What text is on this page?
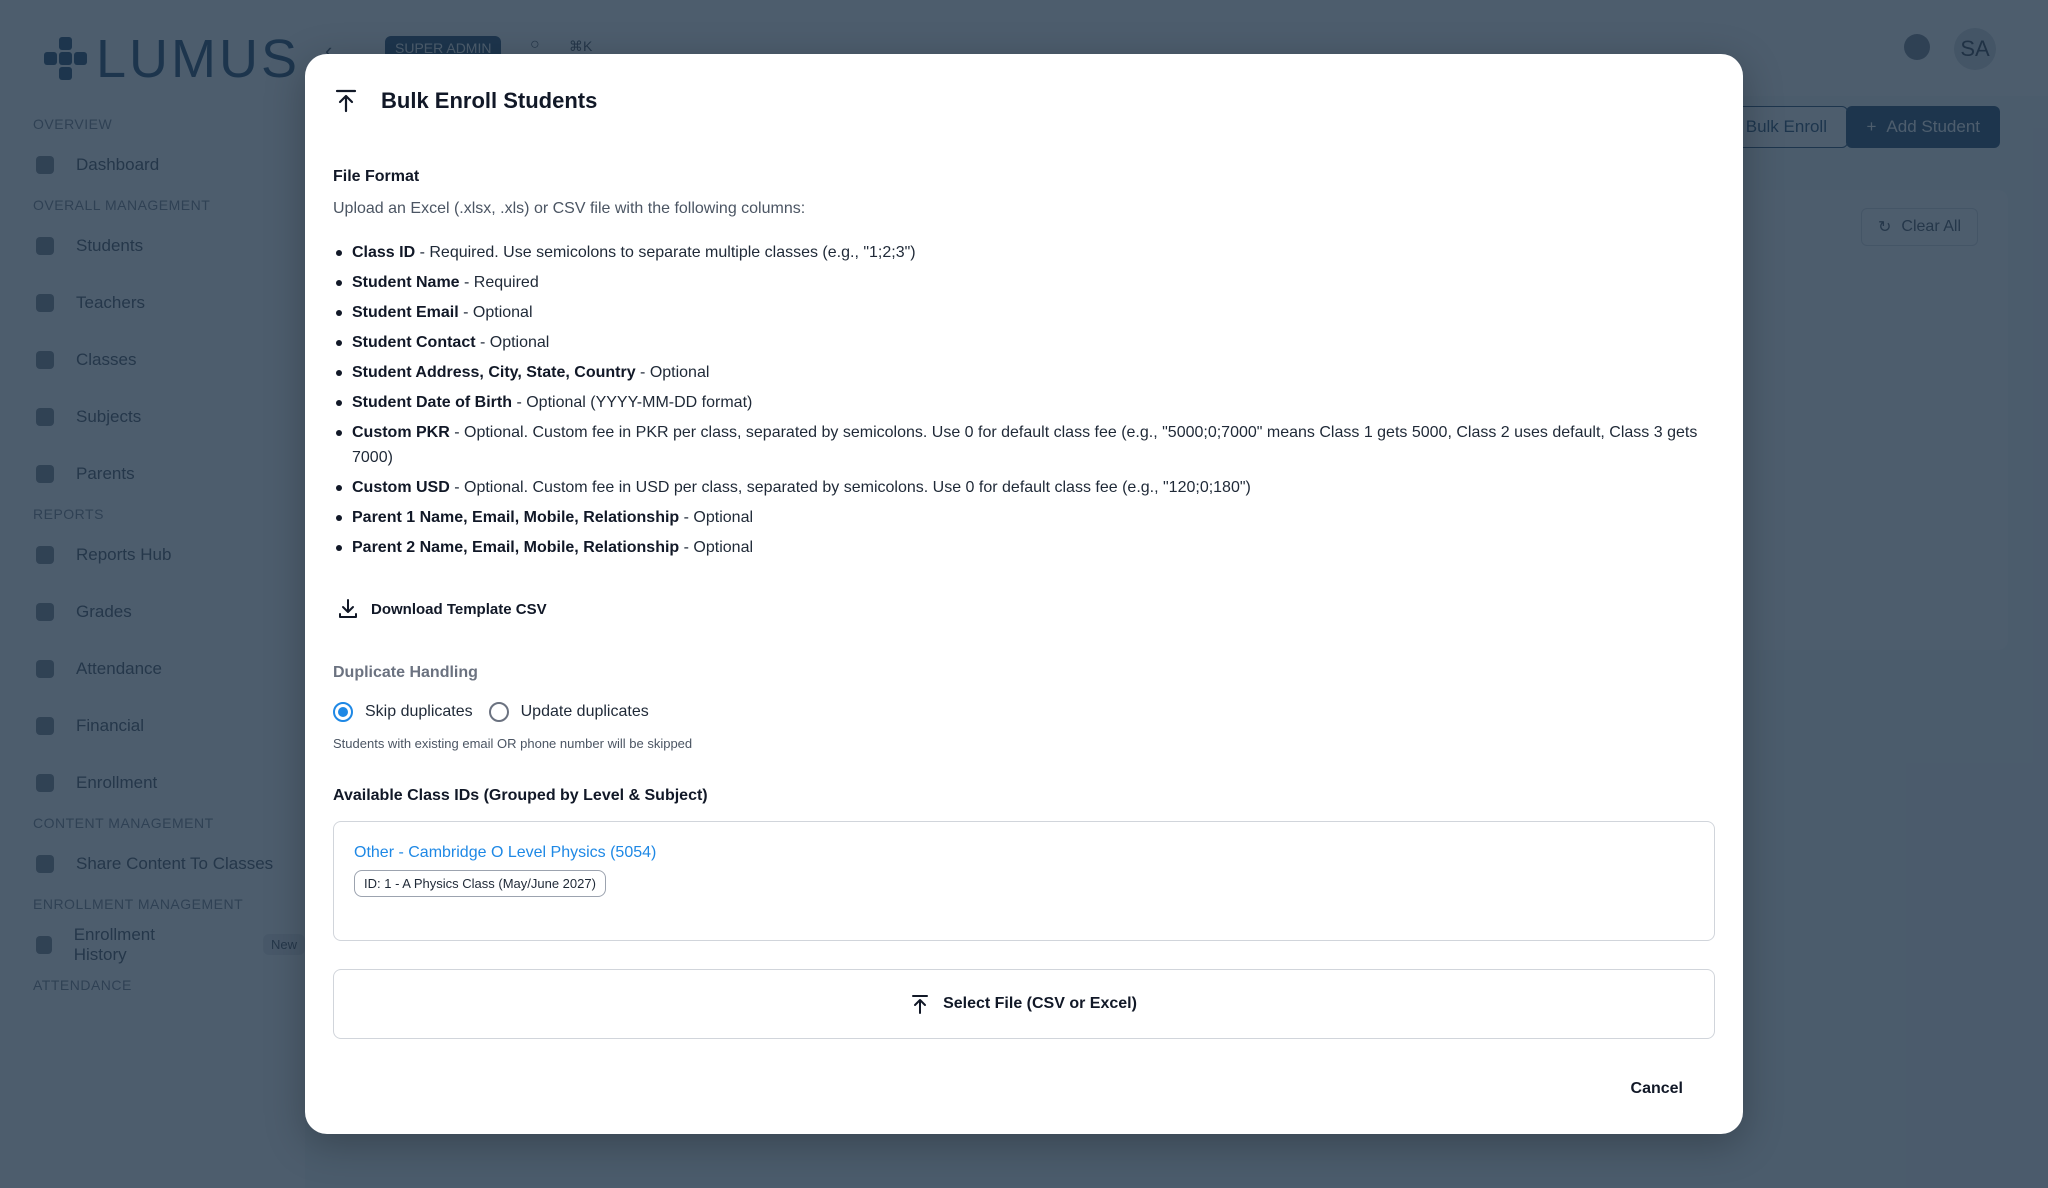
Bulk Enroll Students
File Format

Upload an Excel (.xlsx, .xls) or CSV file with the following columns:

Class ID - Required. Use semicolons to separate multiple classes (e.g., "1;2;3")
Student Name - Required
Student Email - Optional
Student Contact - Optional
Student Address, City, State, Country - Optional
Student Date of Birth - Optional (YYYY-MM-DD format)
Custom PKR - Optional. Custom fee in PKR per class, separated by semicolons. Use 0 for default class fee (e.g., "5000;0;7000" means Class 1 gets 5000, Class 2 uses default, Class 3 gets 7000)
Custom USD - Optional. Custom fee in USD per class, separated by semicolons. Use 0 for default class fee (e.g., "120;0;180")
Parent 1 Name, Email, Mobile, Relationship - Optional
Parent 2 Name, Email, Mobile, Relationship - Optional
Download Template CSV
Duplicate Handling
Skip duplicates	Update duplicates

Students with existing email OR phone number will be skipped

Available Class IDs (Grouped by Level & Subject)
Other - Cambridge O Level Physics (5054)
ID: 1 - A Physics Class (May/June 2027)
Select File (CSV or Excel)
Cancel
